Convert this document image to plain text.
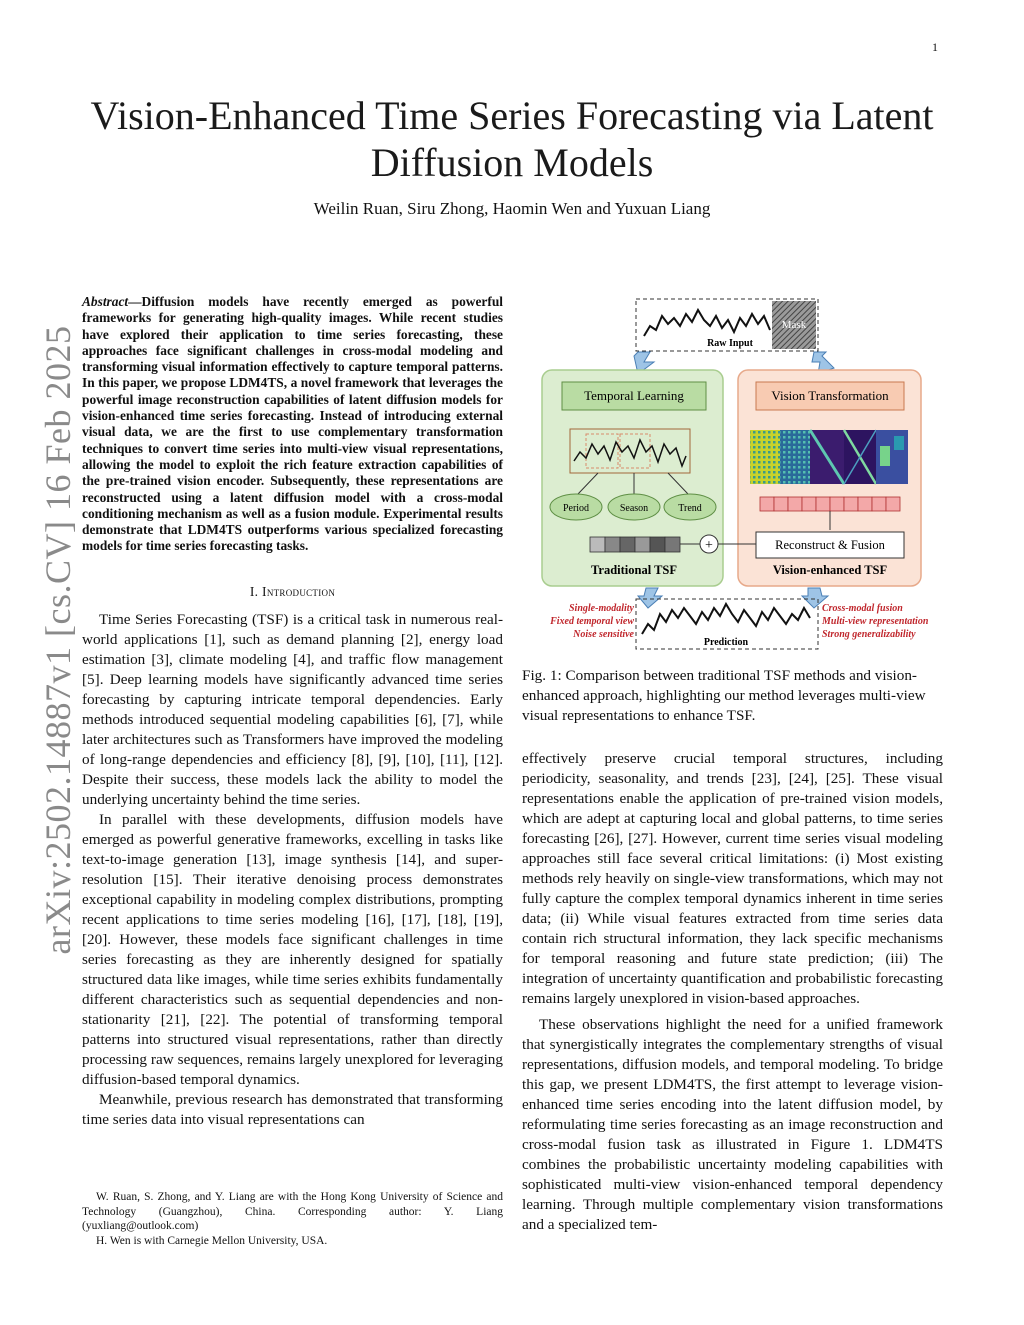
1
Vision-Enhanced Time Series Forecasting via Latent Diffusion Models
Weilin Ruan, Siru Zhong, Haomin Wen and Yuxuan Liang
arXiv:2502.14887v1 [cs.CV] 16 Feb 2025
Abstract—Diffusion models have recently emerged as powerful frameworks for generating high-quality images. While recent studies have explored their application to time series forecasting, these approaches face significant challenges in cross-modal modeling and transforming visual information effectively to capture temporal patterns. In this paper, we propose LDM4TS, a novel framework that leverages the powerful image reconstruction capabilities of latent diffusion models for vision-enhanced time series forecasting. Instead of introducing external visual data, we are the first to use complementary transformation techniques to convert time series into multi-view visual representations, allowing the model to exploit the rich feature extraction capabilities of the pre-trained vision encoder. Subsequently, these representations are reconstructed using a latent diffusion model with a cross-modal conditioning mechanism as well as a fusion module. Experimental results demonstrate that LDM4TS outperforms various specialized forecasting models for time series forecasting tasks.
I. Introduction

Time Series Forecasting (TSF) is a critical task in numerous real-world applications [1], such as demand planning [2], energy load estimation [3], climate modeling [4], and traffic flow management [5]. Deep learning models have significantly advanced time series forecasting by capturing intricate temporal dependencies. Early methods introduced sequential modeling capabilities [6], [7], while later architectures such as Transformers have improved the modeling of long-range dependencies and efficiency [8], [9], [10], [11], [12]. Despite their success, these models lack the ability to model the underlying uncertainty behind the time series.

In parallel with these developments, diffusion models have emerged as powerful generative frameworks, excelling in tasks like text-to-image generation [13], image synthesis [14], and super-resolution [15]. Their iterative denoising process demonstrates exceptional capability in modeling complex distributions, prompting recent applications to time series modeling [16], [17], [18], [19], [20]. However, these models face significant challenges in time series forecasting as they are inherently designed for spatially structured data like images, while time series exhibits fundamentally different characteristics such as sequential dependencies and non-stationarity [21], [22]. The potential of transforming temporal patterns into structured visual representations, rather than directly processing raw sequences, remains largely unexplored for leveraging diffusion-based temporal dynamics.

Meanwhile, previous research has demonstrated that transforming time series data into visual representations can

W. Ruan, S. Zhong, and Y. Liang are with the Hong Kong University of Science and Technology (Guangzhou), China. Corresponding author: Y. Liang (yuxliang@outlook.com)

H. Wen is with Carnegie Mellon University, USA.

Mask
Raw Input
Temporal Learning
Period	Season	Trend
Traditional TSF
Vision Transformation
Reconstruct & Fusion
Vision-enhanced TSF
+
Prediction
Single-modality
Fixed temporal view
Noise sensitive
Cross-modal fusion
Multi-view representation
Strong generalizability
Fig. 1: Comparison between traditional TSF methods and vision-enhanced approach, highlighting our method leverages multi-view visual representations to enhance TSF.

effectively preserve crucial temporal structures, including periodicity, seasonality, and trends [23], [24], [25]. These visual representations enable the application of pre-trained vision models, which are adept at capturing local and global patterns, to time series forecasting [26], [27]. However, current time series visual modeling approaches still face several critical limitations: (i) Most existing methods rely heavily on single-view transformations, which may not fully capture the complex temporal dynamics inherent in time series data; (ii) While visual features extracted from time series data contain rich structural information, they lack specific mechanisms for temporal reasoning and future state prediction; (iii) The integration of uncertainty quantification and probabilistic forecasting remains largely unexplored in vision-based approaches.

These observations highlight the need for a unified framework that synergistically integrates the complementary strengths of visual representations, diffusion models, and temporal modeling. To bridge this gap, we present LDM4TS, the first attempt to leverage vision-enhanced time series encoding into the latent diffusion model, by reformulating time series forecasting as an image reconstruction and cross-modal fusion task as illustrated in Figure 1. LDM4TS combines the probabilistic uncertainty modeling capabilities with sophisticated multi-view vision-enhanced temporal dependency learning. Through multiple complementary vision transformations and a specialized tem-
